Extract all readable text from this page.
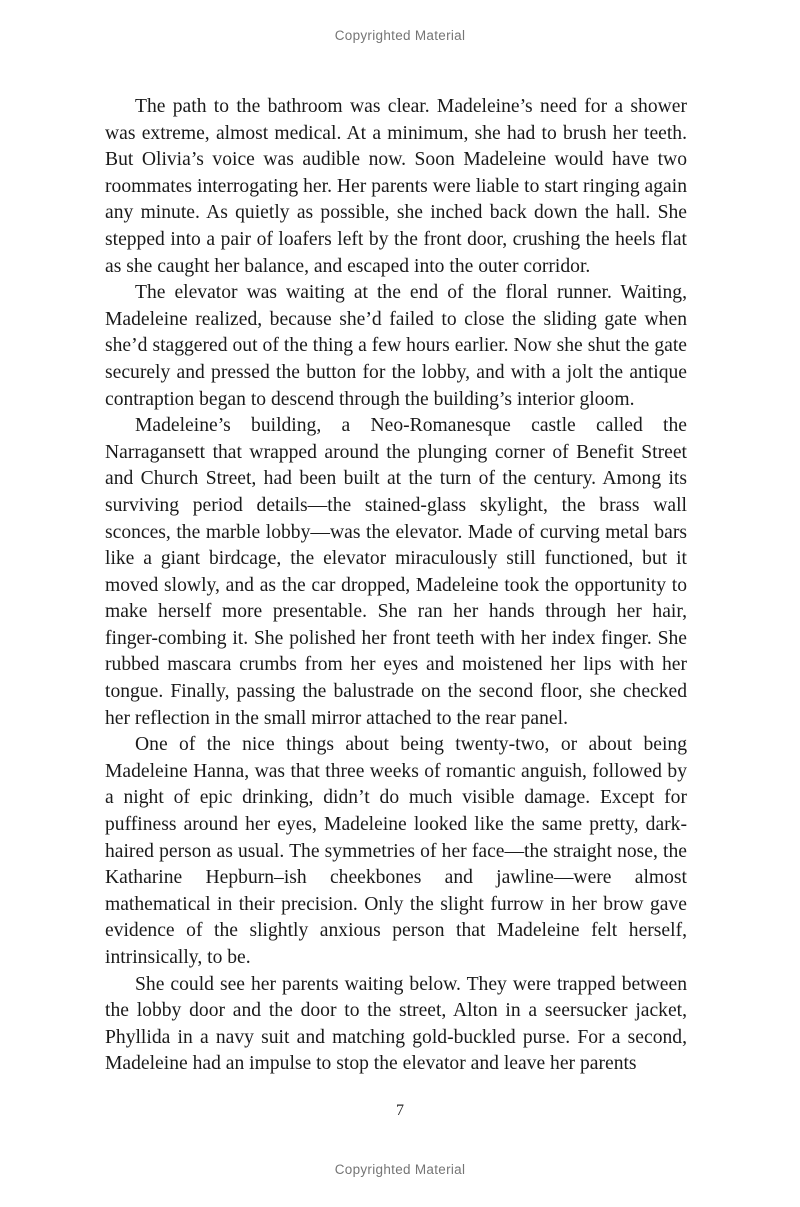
Copyrighted Material

The path to the bathroom was clear. Madeleine’s need for a shower was extreme, almost medical. At a minimum, she had to brush her teeth. But Olivia’s voice was audible now. Soon Madeleine would have two roommates interrogating her. Her parents were liable to start ringing again any minute. As quietly as possible, she inched back down the hall. She stepped into a pair of loafers left by the front door, crushing the heels flat as she caught her balance, and escaped into the outer corridor.

The elevator was waiting at the end of the floral runner. Waiting, Madeleine realized, because she’d failed to close the sliding gate when she’d staggered out of the thing a few hours earlier. Now she shut the gate securely and pressed the button for the lobby, and with a jolt the antique contraption began to descend through the building’s interior gloom.

Madeleine’s building, a Neo-Romanesque castle called the Narragansett that wrapped around the plunging corner of Benefit Street and Church Street, had been built at the turn of the century. Among its surviving period details—the stained-glass skylight, the brass wall sconces, the marble lobby—was the elevator. Made of curving metal bars like a giant birdcage, the elevator miraculously still functioned, but it moved slowly, and as the car dropped, Madeleine took the opportunity to make herself more presentable. She ran her hands through her hair, finger-combing it. She polished her front teeth with her index finger. She rubbed mascara crumbs from her eyes and moistened her lips with her tongue. Finally, passing the balustrade on the second floor, she checked her reflection in the small mirror attached to the rear panel.

One of the nice things about being twenty-two, or about being Madeleine Hanna, was that three weeks of romantic anguish, followed by a night of epic drinking, didn’t do much visible damage. Except for puffiness around her eyes, Madeleine looked like the same pretty, dark-haired person as usual. The symmetries of her face—the straight nose, the Katharine Hepburn–ish cheekbones and jawline—were almost mathematical in their precision. Only the slight furrow in her brow gave evidence of the slightly anxious person that Madeleine felt herself, intrinsically, to be.

She could see her parents waiting below. They were trapped between the lobby door and the door to the street, Alton in a seersucker jacket, Phyllida in a navy suit and matching gold-buckled purse. For a second, Madeleine had an impulse to stop the elevator and leave her parents

7
Copyrighted Material
